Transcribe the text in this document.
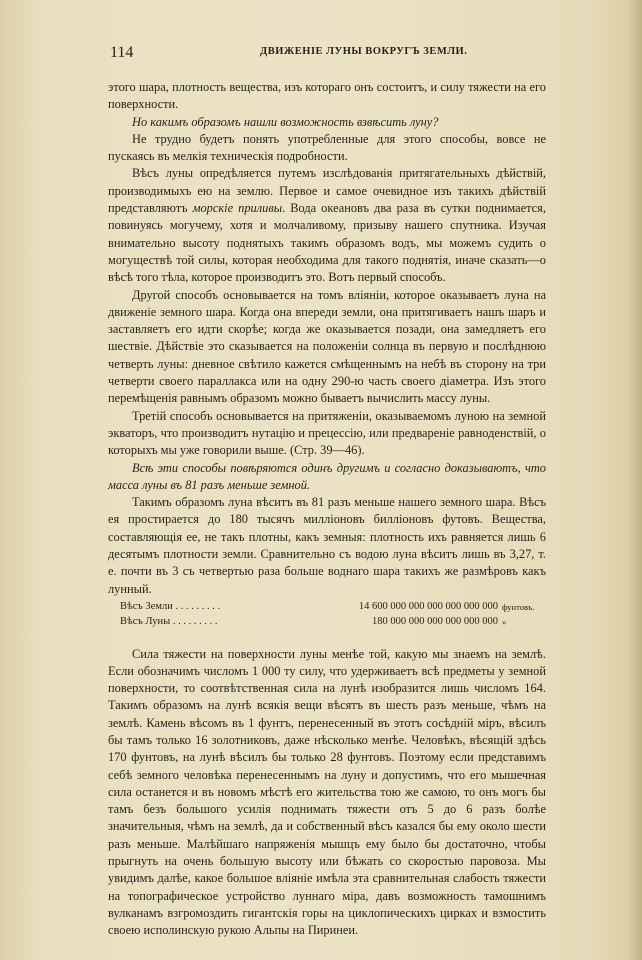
114	ДВИЖЕНІЕ ЛУНЫ ВОКРУГЪ ЗЕМЛИ.

этого шара, плотность вещества, изъ котораго онъ состоитъ, и силу тяжести на его поверхности.

Но какимъ образомъ нашли возможность взвѣсить луну?

Не трудно будетъ понять употребленные для этого способы, вовсе не пускаясь въ мелкія техническія подробности.

Вѣсъ луны опредѣляется путемъ изслѣдованія притягательныхъ дѣйствій, производимыхъ ею на землю. Первое и самое очевидное изъ такихъ дѣйствій представляютъ морскіе приливы. Вода океановъ два раза въ сутки поднимается, повинуясь могучему, хотя и молчаливому, призыву нашего спутника. Изучая внимательно высоту поднятыхъ такимъ образомъ водъ, мы можемъ судить о могуществѣ той силы, которая необходима для такого поднятія, иначе сказать—о вѣсѣ того тѣла, которое производитъ это. Вотъ первый способъ.

Другой способъ основывается на томъ вліяніи, которое оказываетъ луна на движеніе земного шара. Когда она впереди земли, она притягиваетъ нашъ шаръ и заставляетъ его идти скорѣе; когда же оказывается позади, она замедляетъ его шествіе. Дѣйствіе это сказывается на положеніи солнца въ первую и послѣднюю четверть луны: дневное свѣтило кажется смѣщеннымъ на небѣ въ сторону на три четверти своего параллакса или на одну 290-ю часть своего діаметра. Изъ этого перемѣщенія равнымъ образомъ можно бываетъ вычислить массу луны.

Третій способъ основывается на притяженіи, оказываемомъ луною на земной экваторъ, что производитъ нутацію и прецессію, или предвареніе равноденствій, о которыхъ мы уже говорили выше. (Стр. 39—46).

Всѣ эти способы повѣряются одинъ другимъ и согласно доказываютъ, что масса луны въ 81 разъ меньше земной.

Такимъ образомъ луна вѣситъ въ 81 разъ меньше нашего земного шара. Вѣсъ ея простирается до 180 тысячъ милліоновъ билліоновъ футовъ. Вещества, составляющія ее, не такъ плотны, какъ земныя: плотность ихъ равняется лишь 6 десятымъ плотности земли. Сравнительно съ водою луна вѣситъ лишь въ 3,27, т. е. почти въ 3 съ четвертью раза больше воднаго шара такихъ же размѣровъ какъ лунный.

Вѣсъ Земли . . . . . . . . .	14 600 000 000 000 000 000 000 фунтовъ.
Вѣсъ Луны . . . . . . . . .	180 000 000 000 000 000 000 »

Сила тяжести на поверхности луны менѣе той, какую мы знаемъ на землѣ. Если обозначимъ числомъ 1 000 ту силу, что удерживаетъ всѣ предметы у земной поверхности, то соотвѣтственная сила на лунѣ изобразится лишь числомъ 164. Такимъ образомъ на лунѣ всякія вещи вѣсятъ въ шесть разъ меньше, чѣмъ на землѣ. Камень вѣсомъ въ 1 фунтъ, перенесенный въ этотъ сосѣдній міръ, вѣсилъ бы тамъ только 16 золотниковъ, даже нѣсколько менѣе. Человѣкъ, вѣсящій здѣсь 170 фунтовъ, на лунѣ вѣсилъ бы только 28 фунтовъ. Поэтому если представимъ себѣ земного человѣка перенесеннымъ на луну и допустимъ, что его мышечная сила останется и въ новомъ мѣстѣ его жительства тою же самою, то онъ могъ бы тамъ безъ большого усилія поднимать тяжести отъ 5 до 6 разъ болѣе значительныя, чѣмъ на землѣ, да и собственный вѣсъ казался бы ему около шести разъ меньше. Малѣйшаго напряженія мышцъ ему было бы достаточно, чтобы прыгнуть на очень большую высоту или бѣжать со скоростью паровоза. Мы увидимъ далѣе, какое большое вліяніе имѣла эта сравнительная слабость тяжести на топографическое устройство луннаго міра, давъ возможность тамошнимъ вулканамъ взгромоздить гигантскія горы на циклопическихъ цирках и взмостить своею исполинскую рукою Альпы на Пиринеи.
